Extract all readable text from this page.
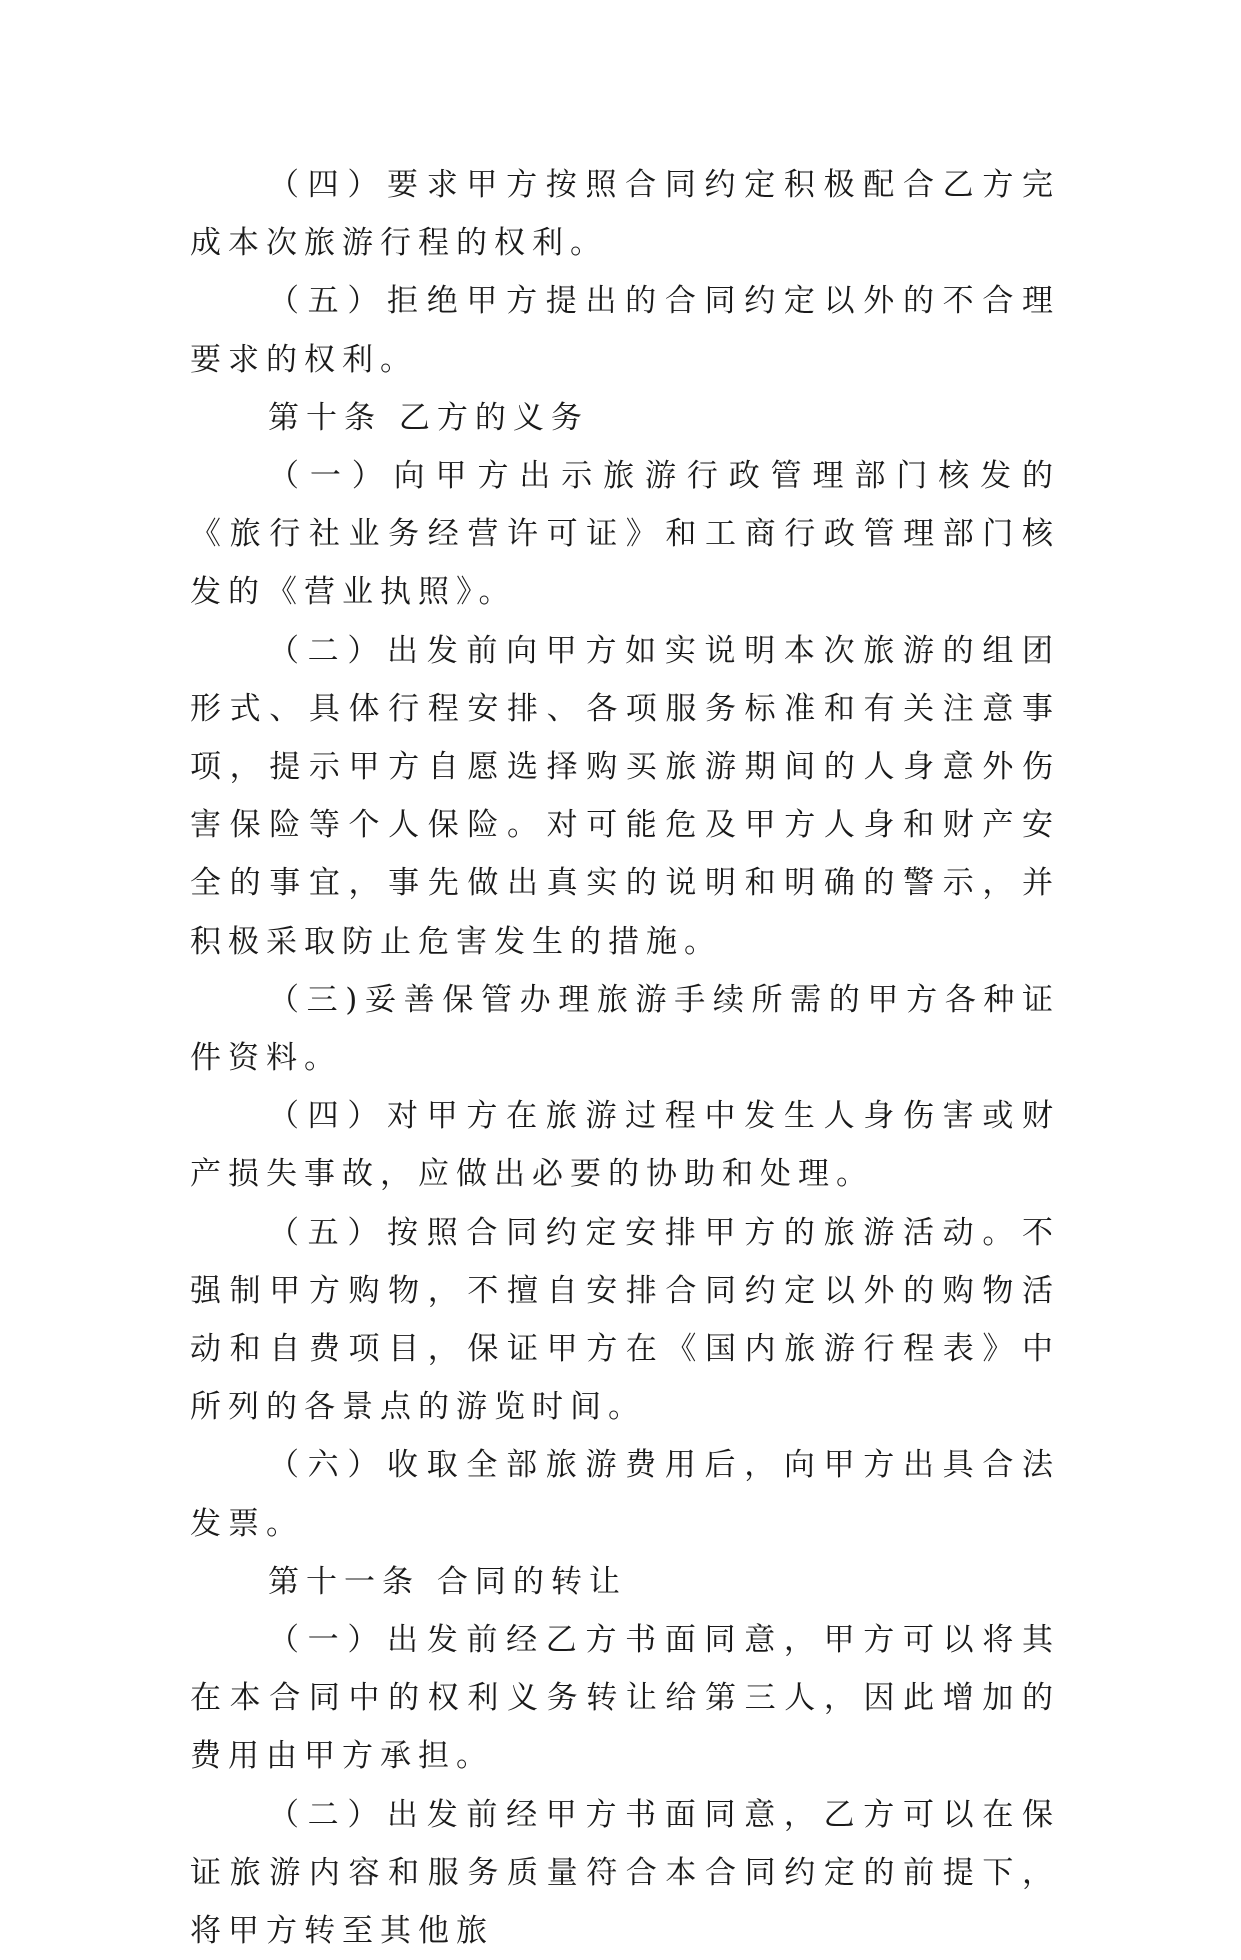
（四）要求甲方按照合同约定积极配合乙方完成本次旅游行程的权利。

（五）拒绝甲方提出的合同约定以外的不合理要求的权利。

第十条 乙方的义务

（一）向甲方出示旅游行政管理部门核发的《旅行社业务经营许可证》和工商行政管理部门核发的《营业执照》。

（二）出发前向甲方如实说明本次旅游的组团形式、具体行程安排、各项服务标准和有关注意事项，提示甲方自愿选择购买旅游期间的人身意外伤害保险等个人保险。对可能危及甲方人身和财产安全的事宜，事先做出真实的说明和明确的警示，并积极采取防止危害发生的措施。

（三)妥善保管办理旅游手续所需的甲方各种证件资料。

（四）对甲方在旅游过程中发生人身伤害或财产损失事故，应做出必要的协助和处理。

（五）按照合同约定安排甲方的旅游活动。不强制甲方购物，不擅自安排合同约定以外的购物活动和自费项目，保证甲方在《国内旅游行程表》中所列的各景点的游览时间。

（六）收取全部旅游费用后，向甲方出具合法发票。

第十一条 合同的转让

（一）出发前经乙方书面同意，甲方可以将其在本合同中的权利义务转让给第三人，因此增加的费用由甲方承担。

（二）出发前经甲方书面同意，乙方可以在保证旅游内容和服务质量符合本合同约定的前提下，将甲方转至其他旅
